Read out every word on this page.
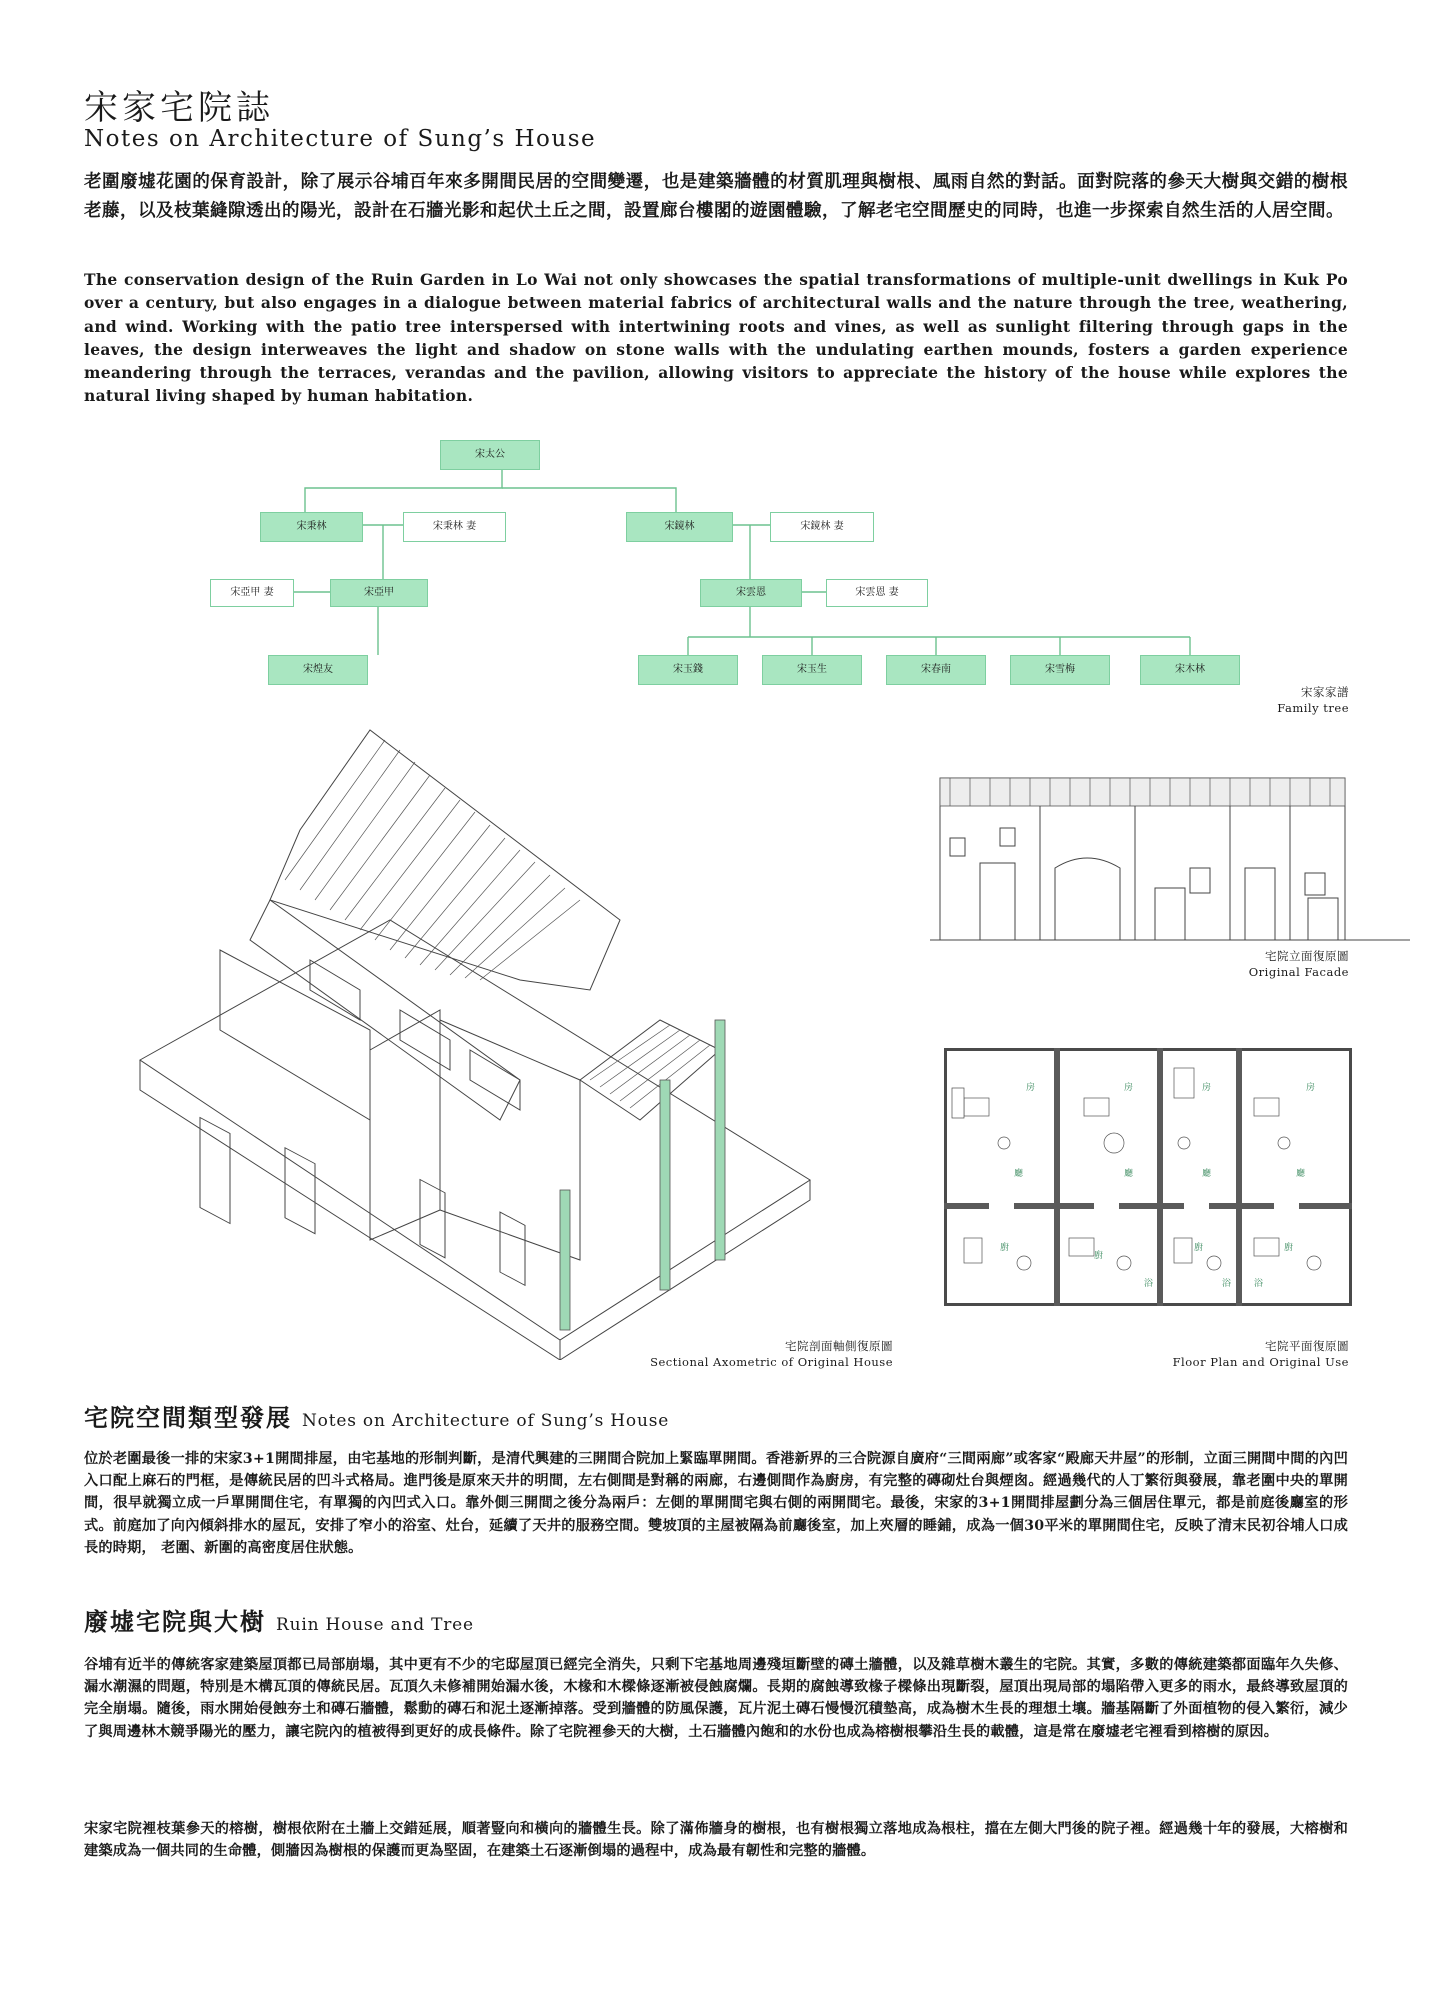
宋家宅院誌
Notes on Architecture of Sung’s House
老圍廢墟花園的保育設計，除了展示谷埔百年來多開間民居的空間變遷，也是建築牆體的材質肌理與樹根、風雨自然的對話。面對院落的參天大樹與交錯的樹根老藤，以及枝葉縫隙透出的陽光，設計在石牆光影和起伏土丘之間，設置廊台樓閣的遊園體驗，了解老宅空間歷史的同時，也進一步探索自然生活的人居空間。
The conservation design of the Ruin Garden in Lo Wai not only showcases the spatial transformations of multiple-unit dwellings in Kuk Po over a century, but also engages in a dialogue between material fabrics of architectural walls and the nature through the tree, weathering, and wind. Working with the patio tree interspersed with intertwining roots and vines, as well as sunlight filtering through gaps in the leaves, the design interweaves the light and shadow on stone walls with the undulating earthen mounds, fosters a garden experience meandering through the terraces, verandas and the pavilion, allowing visitors to appreciate the history of the house while explores the natural living shaped by human habitation.
宋太公
宋秉林	宋秉林 妻	宋鏡林	宋鏡林 妻
宋亞甲 妻	宋亞甲	宋雲恩	宋雲恩 妻
宋煌友	宋玉錢	宋玉生	宋春南	宋雪梅	宋木林
宋家家譜
Family tree
宅院剖面軸側復原圖
Sectional Axometric of Original House
宅院立面復原圖
Original Facade
房	房	房	房
廳	廳	廳	廳
廚
廚
廚	廚
浴	浴	浴
宅院平面復原圖
Floor Plan and Original Use
宅院空間類型發展 Notes on Architecture of Sung’s House
位於老圍最後一排的宋家3+1開間排屋，由宅基地的形制判斷，是清代興建的三開間合院加上緊臨單開間。香港新界的三合院源自廣府“三間兩廊”或客家“殿廊天井屋”的形制，立面三開間中間的內凹入口配上麻石的門框，是傳統民居的凹斗式格局。進門後是原來天井的明間，左右側間是對稱的兩廊，右邊側間作為廚房，有完整的磚砌灶台與煙囪。經過幾代的人丁繁衍與發展，靠老圍中央的單開間，很早就獨立成一戶單開間住宅，有單獨的內凹式入口。靠外側三開間之後分為兩戶：左側的單開間宅與右側的兩開間宅。最後，宋家的3+1開間排屋劃分為三個居住單元，都是前庭後廳室的形式。前庭加了向內傾斜排水的屋瓦，安排了窄小的浴室、灶台，延續了天井的服務空間。雙坡頂的主屋被隔為前廳後室，加上夾層的睡鋪，成為一個30平米的單開間住宅，反映了清末民初谷埔人口成長的時期， 老圍、新圍的高密度居住狀態。
廢墟宅院與大樹 Ruin House and Tree
谷埔有近半的傳統客家建築屋頂都已局部崩塌，其中更有不少的宅邸屋頂已經完全消失，只剩下宅基地周邊殘垣斷壁的磚土牆體，以及雜草樹木叢生的宅院。其實，多數的傳統建築都面臨年久失修、漏水潮濕的問題，特別是木構瓦頂的傳統民居。瓦頂久未修補開始漏水後，木椽和木樑條逐漸被侵蝕腐爛。長期的腐蝕導致椽子樑條出現斷裂，屋頂出現局部的塌陷帶入更多的雨水，最終導致屋頂的完全崩塌。隨後，雨水開始侵蝕夯土和磚石牆體，鬆動的磚石和泥土逐漸掉落。受到牆體的防風保護，瓦片泥土磚石慢慢沉積墊高，成為樹木生長的理想土壤。牆基隔斷了外面植物的侵入繁衍，減少了與周邊林木競爭陽光的壓力，讓宅院內的植被得到更好的成長條件。除了宅院裡參天的大樹，土石牆體內飽和的水份也成為榕樹根攀沿生長的載體，這是常在廢墟老宅裡看到榕樹的原因。
宋家宅院裡枝葉參天的榕樹，樹根依附在土牆上交錯延展，順著豎向和橫向的牆體生長。除了滿佈牆身的樹根，也有樹根獨立落地成為根柱，擋在左側大門後的院子裡。經過幾十年的發展，大榕樹和建築成為一個共同的生命體，側牆因為樹根的保護而更為堅固，在建築土石逐漸倒塌的過程中，成為最有韌性和完整的牆體。
